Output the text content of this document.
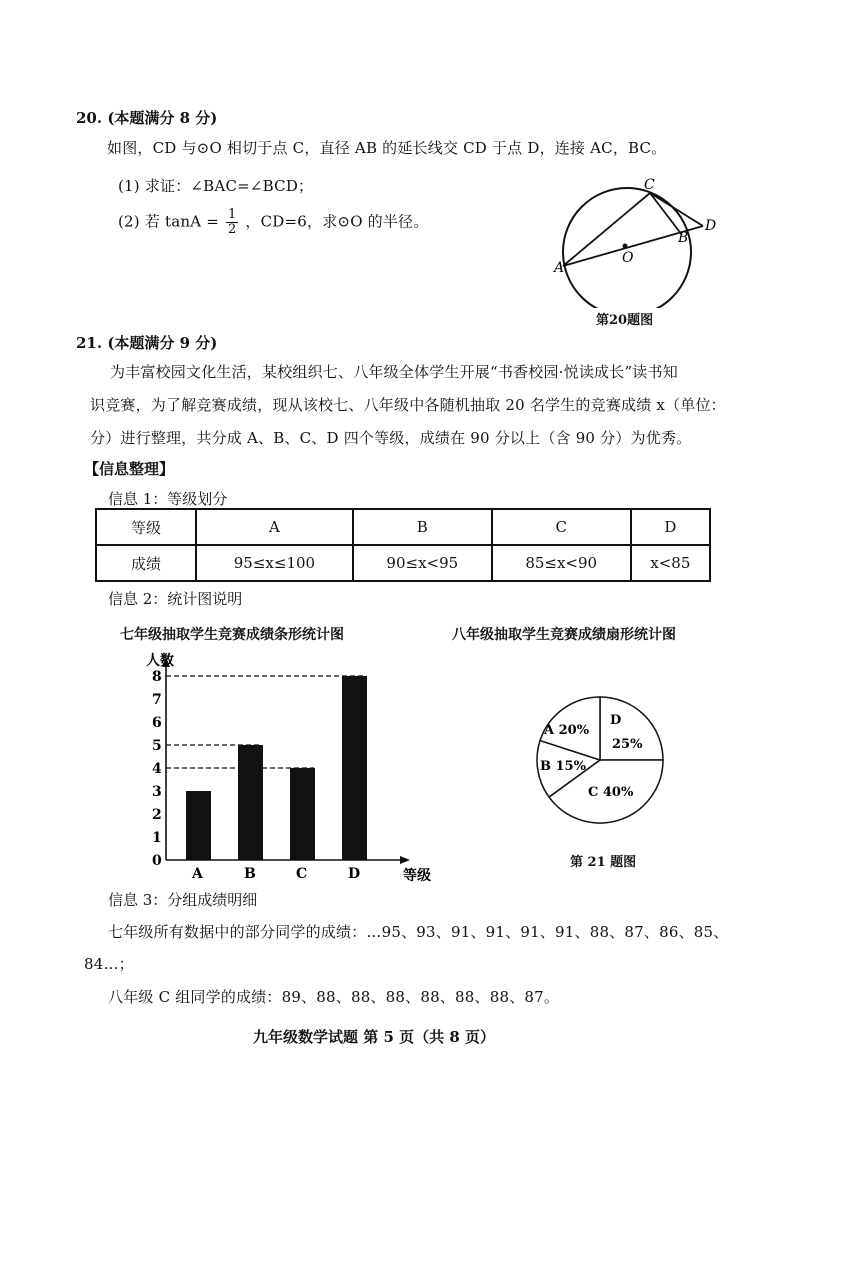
20. (本题满分 8 分)
如图，CD 与⊙O 相切于点 C，直径 AB 的延长线交 CD 于点 D，连接 AC，BC。
(1) 求证：∠BAC=∠BCD；
(2) 若 $\tan A = \frac{1}{2}$ ，CD=6，求⊙O 的半径。
C
D
B
O
A
第20题图
21. (本题满分 9 分)
为丰富校园文化生活，某校组织七、八年级全体学生开展“书香校园·悦读成长”读书知
识竞赛，为了解竞赛成绩，现从该校七、八年级中各随机抽取 20 名学生的竞赛成绩 x（单位：
分）进行整理，共分成 A、B、C、D 四个等级，成绩在 90 分以上（含 90 分）为优秀。
【信息整理】
信息 1：等级划分
等级	A	B	C	D
成绩	95≤x≤100	90≤x<95	85≤x<90	x<85
信息 2：统计图说明
七年级抽取学生竞赛成绩条形统计图	八年级抽取学生竞赛成绩扇形统计图
A	B	C	D
0
1
2
3
4
5
6
7
8
人数
等级
A 20%
D
25%
C 40%
B 15%
第 21 题图
信息 3：分组成绩明细
七年级所有数据中的部分同学的成绩：…95、93、91、91、91、91、88、87、86、85、
84…；
八年级 C 组同学的成绩：89、88、88、88、88、88、88、87。
九年级数学试题 第 5 页（共 8 页）
